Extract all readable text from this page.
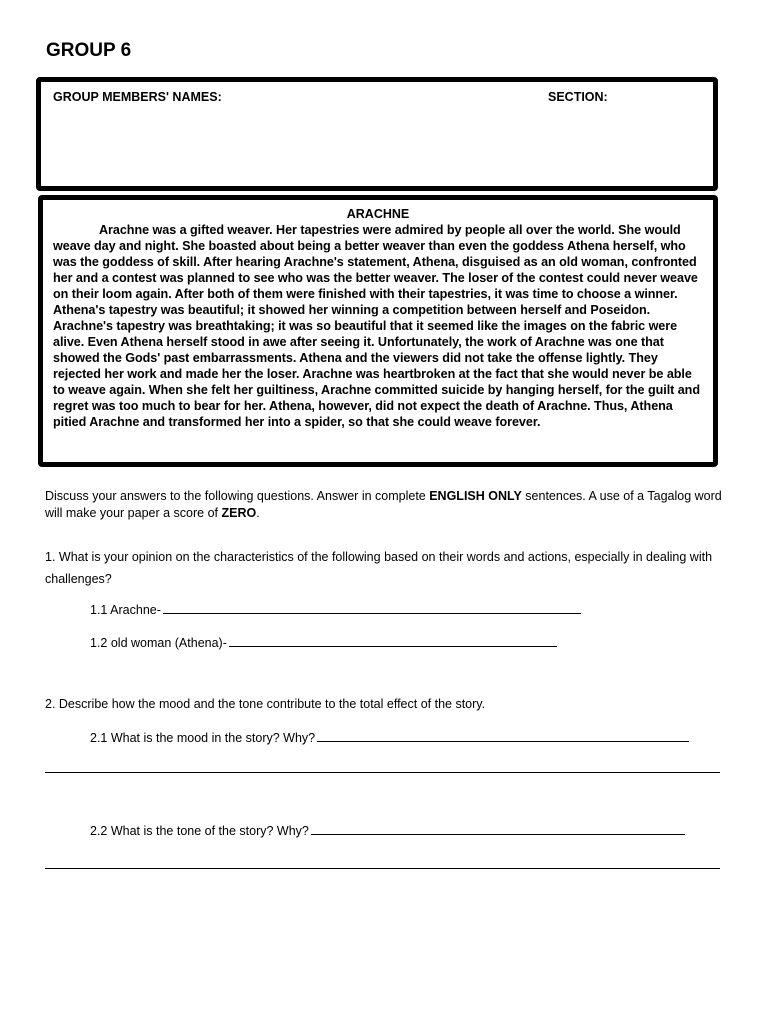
GROUP 6
GROUP MEMBERS' NAMES:	SECTION:

ARACHNE

Arachne was a gifted weaver. Her tapestries were admired by people all over the world. She would weave day and night. She boasted about being a better weaver than even the goddess Athena herself, who was the goddess of skill. After hearing Arachne's statement, Athena, disguised as an old woman, confronted her and a contest was planned to see who was the better weaver. The loser of the contest could never weave on their loom again. After both of them were finished with their tapestries, it was time to choose a winner. Athena's tapestry was beautiful; it showed her winning a competition between herself and Poseidon. Arachne's tapestry was breathtaking; it was so beautiful that it seemed like the images on the fabric were alive. Even Athena herself stood in awe after seeing it. Unfortunately, the work of Arachne was one that showed the Gods' past embarrassments. Athena and the viewers did not take the offense lightly. They rejected her work and made her the loser. Arachne was heartbroken at the fact that she would never be able to weave again. When she felt her guiltiness, Arachne committed suicide by hanging herself, for the guilt and regret was too much to bear for her. Athena, however, did not expect the death of Arachne. Thus, Athena pitied Arachne and transformed her into a spider, so that she could weave forever.

Discuss your answers to the following questions. Answer in complete ENGLISH ONLY sentences. A use of a Tagalog word will make your paper a score of ZERO.

1. What is your opinion on the characteristics of the following based on their words and actions, especially in dealing with challenges?

1.1 Arachne-
1.2 old woman (Athena)-
2. Describe how the mood and the tone contribute to the total effect of the story.
2.1 What is the mood in the story? Why?
2.2 What is the tone of the story? Why?
